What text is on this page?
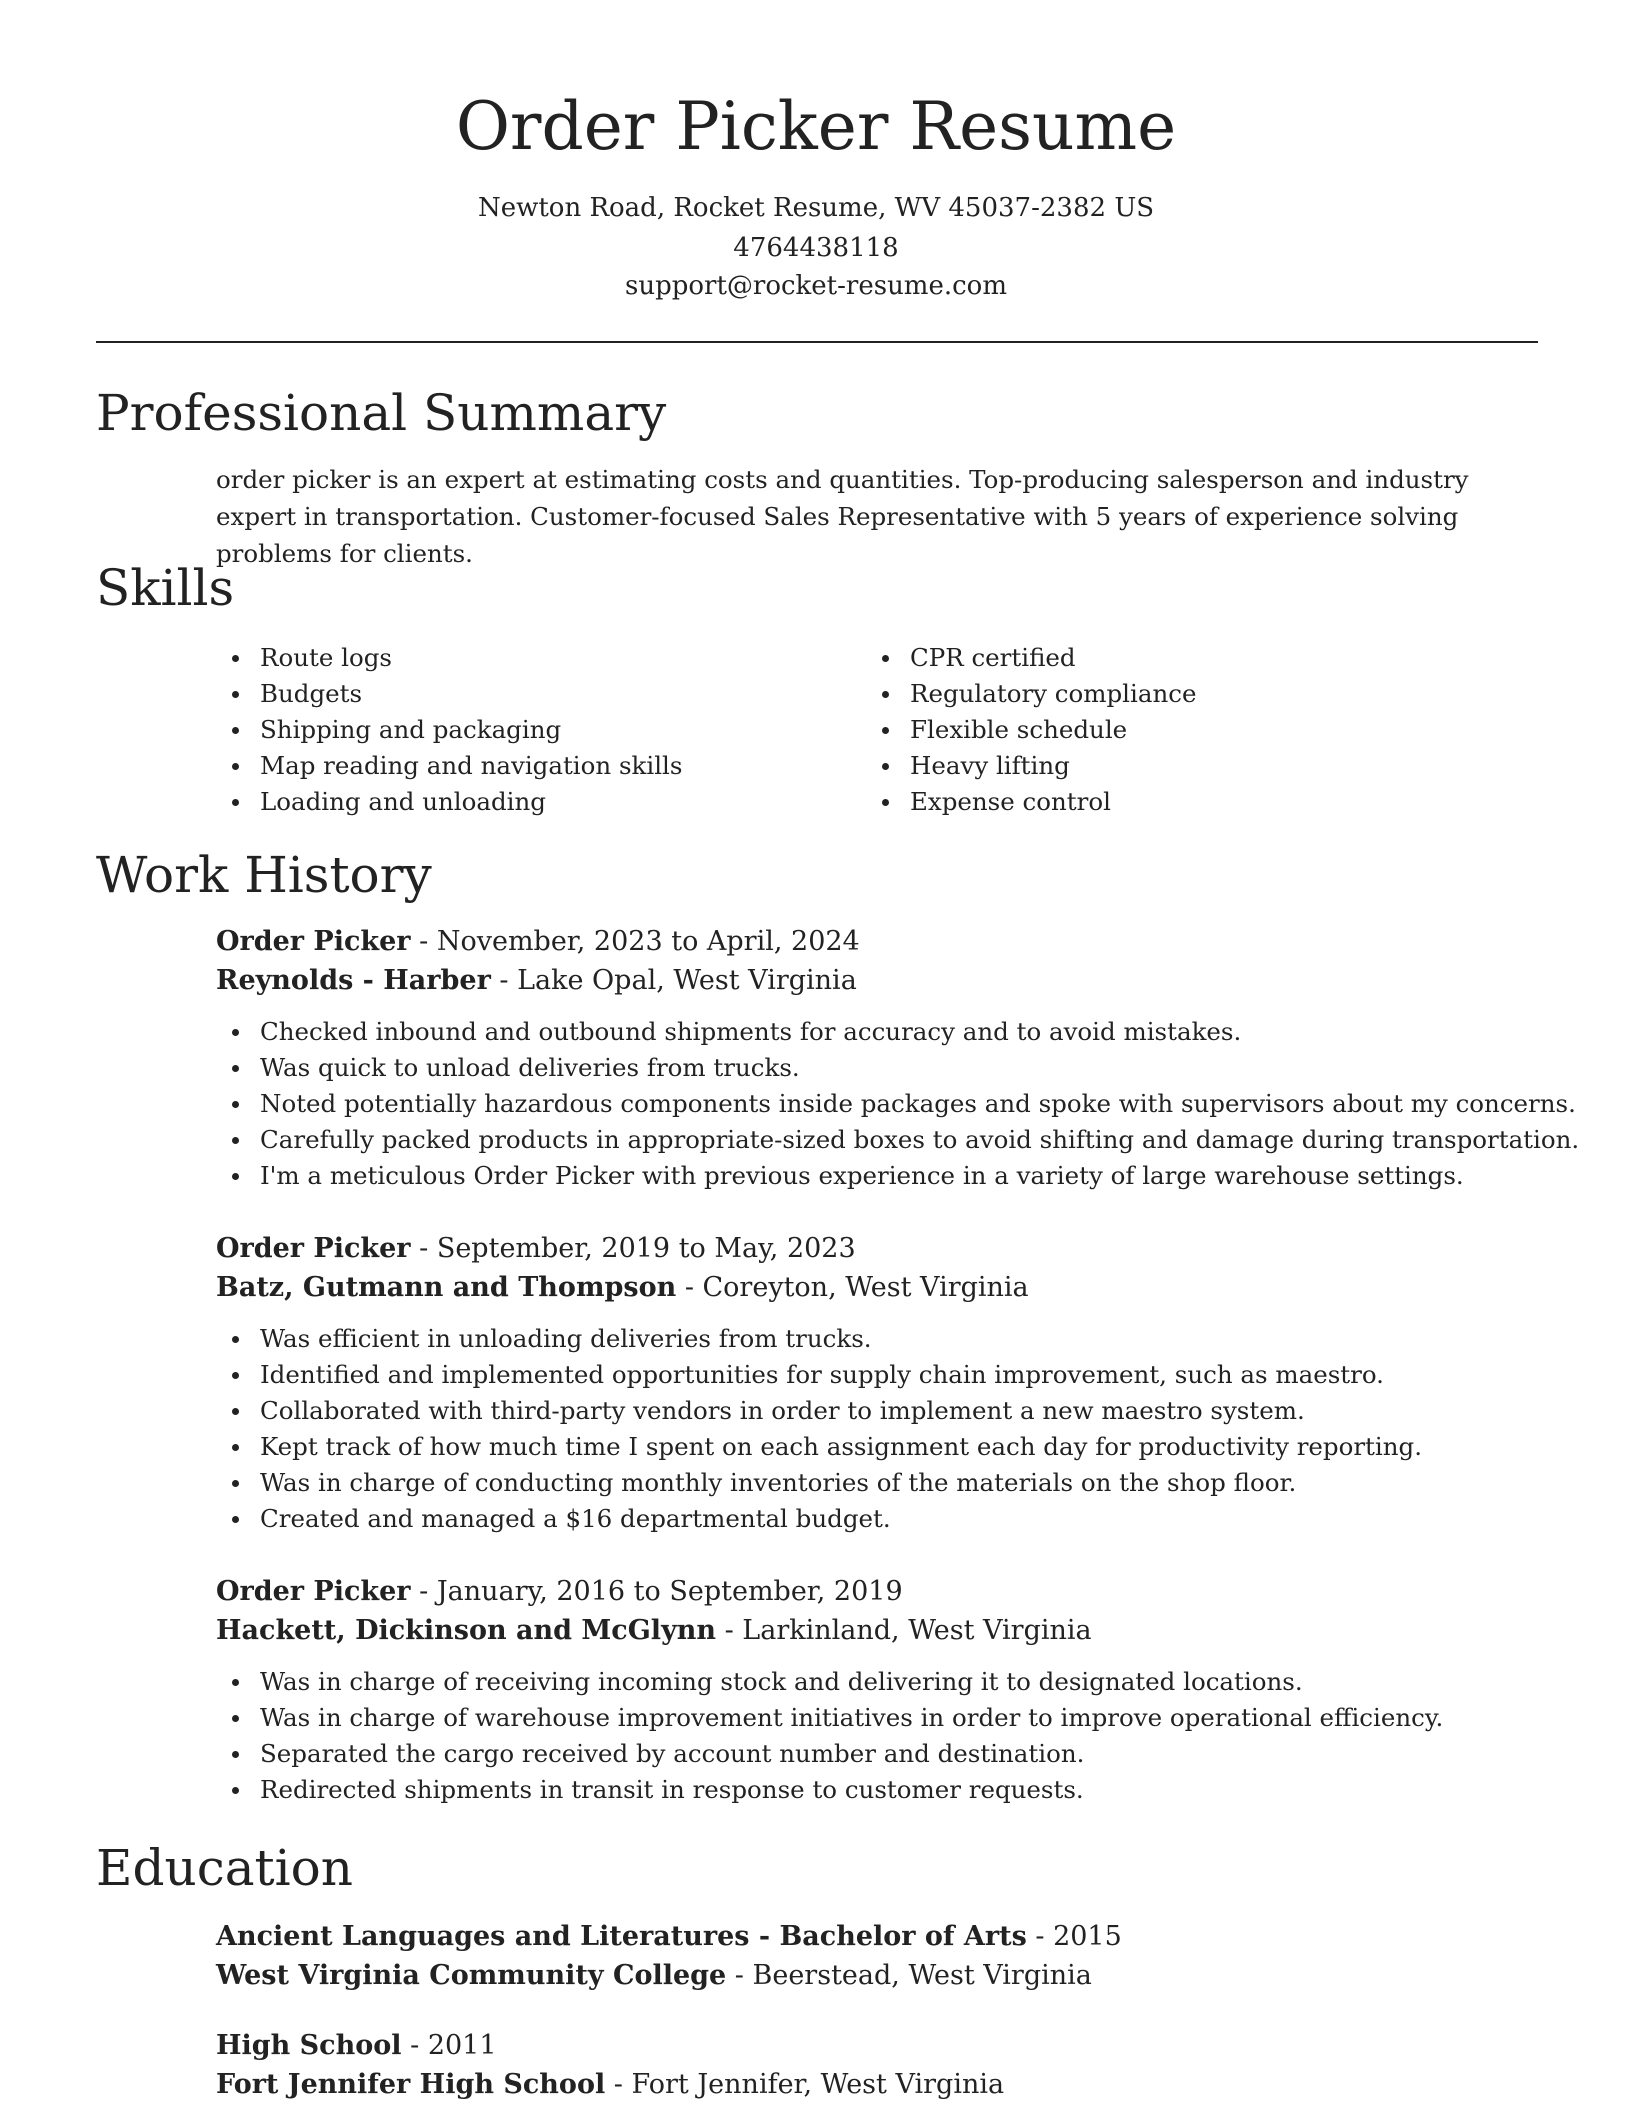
Order Picker Resume
Newton Road, Rocket Resume, WV 45037-2382 US
4764438118
support@rocket-resume.com
Professional Summary

order picker is an expert at estimating costs and quantities. Top-producing salesperson and industry expert in transportation. Customer-focused Sales Representative with 5 years of experience solving problems for clients.

Skills
Route logs
Budgets
Shipping and packaging
Map reading and navigation skills
Loading and unloading
CPR certified
Regulatory compliance
Flexible schedule
Heavy lifting
Expense control
Work History
Order Picker - November, 2023 to April, 2024
Reynolds - Harber - Lake Opal, West Virginia
Checked inbound and outbound shipments for accuracy and to avoid mistakes.
Was quick to unload deliveries from trucks.
Noted potentially hazardous components inside packages and spoke with supervisors about my concerns.
Carefully packed products in appropriate-sized boxes to avoid shifting and damage during transportation.
I'm a meticulous Order Picker with previous experience in a variety of large warehouse settings.
Order Picker - September, 2019 to May, 2023
Batz, Gutmann and Thompson - Coreyton, West Virginia
Was efficient in unloading deliveries from trucks.
Identified and implemented opportunities for supply chain improvement, such as maestro.
Collaborated with third-party vendors in order to implement a new maestro system.
Kept track of how much time I spent on each assignment each day for productivity reporting.
Was in charge of conducting monthly inventories of the materials on the shop floor.
Created and managed a $16 departmental budget.
Order Picker - January, 2016 to September, 2019
Hackett, Dickinson and McGlynn - Larkinland, West Virginia
Was in charge of receiving incoming stock and delivering it to designated locations.
Was in charge of warehouse improvement initiatives in order to improve operational efficiency.
Separated the cargo received by account number and destination.
Redirected shipments in transit in response to customer requests.
Education
Ancient Languages and Literatures - Bachelor of Arts - 2015
West Virginia Community College - Beerstead, West Virginia
High School - 2011
Fort Jennifer High School - Fort Jennifer, West Virginia
